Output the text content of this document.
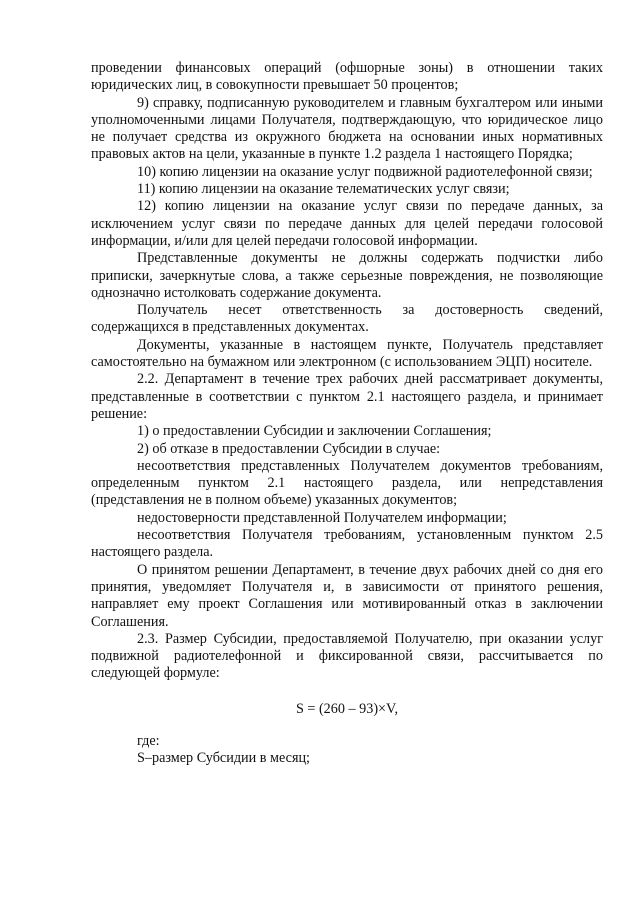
проведении финансовых операций (офшорные зоны) в отношении таких юридических лиц, в совокупности превышает 50 процентов;

9) справку, подписанную руководителем и главным бухгалтером или иными уполномоченными лицами Получателя, подтверждающую, что юридическое лицо не получает средства из окружного бюджета на основании иных нормативных правовых актов на цели, указанные в пункте 1.2 раздела 1 настоящего Порядка;

10) копию лицензии на оказание услуг подвижной радиотелефонной связи;

11) копию лицензии на оказание телематических услуг связи;

12) копию лицензии на оказание услуг связи по передаче данных, за исключением услуг связи по передаче данных для целей передачи голосовой информации, и/или для целей передачи голосовой информации.

Представленные документы не должны содержать подчистки либо приписки, зачеркнутые слова, а также серьезные повреждения, не позволяющие однозначно истолковать содержание документа.

Получатель несет ответственность за достоверность сведений, содержащихся в представленных документах.

Документы, указанные в настоящем пункте, Получатель представляет самостоятельно на бумажном или электронном (с использованием ЭЦП) носителе.

2.2. Департамент в течение трех рабочих дней рассматривает документы, представленные в соответствии с пунктом 2.1 настоящего раздела, и принимает решение:

1) о предоставлении Субсидии и заключении Соглашения;

2) об отказе в предоставлении Субсидии в случае:

несоответствия представленных Получателем документов требованиям, определенным пунктом 2.1 настоящего раздела, или непредставления (представления не в полном объеме) указанных документов;

недостоверности представленной Получателем информации;

несоответствия Получателя требованиям, установленным пунктом 2.5 настоящего раздела.

О принятом решении Департамент, в течение двух рабочих дней со дня его принятия, уведомляет Получателя и, в зависимости от принятого решения, направляет ему проект Соглашения или мотивированный отказ в заключении Соглашения.

2.3. Размер Субсидии, предоставляемой Получателю, при оказании услуг подвижной радиотелефонной и фиксированной связи, рассчитывается по следующей формуле:

S = (260 – 93)×V,

где:

S–размер Субсидии в месяц;
